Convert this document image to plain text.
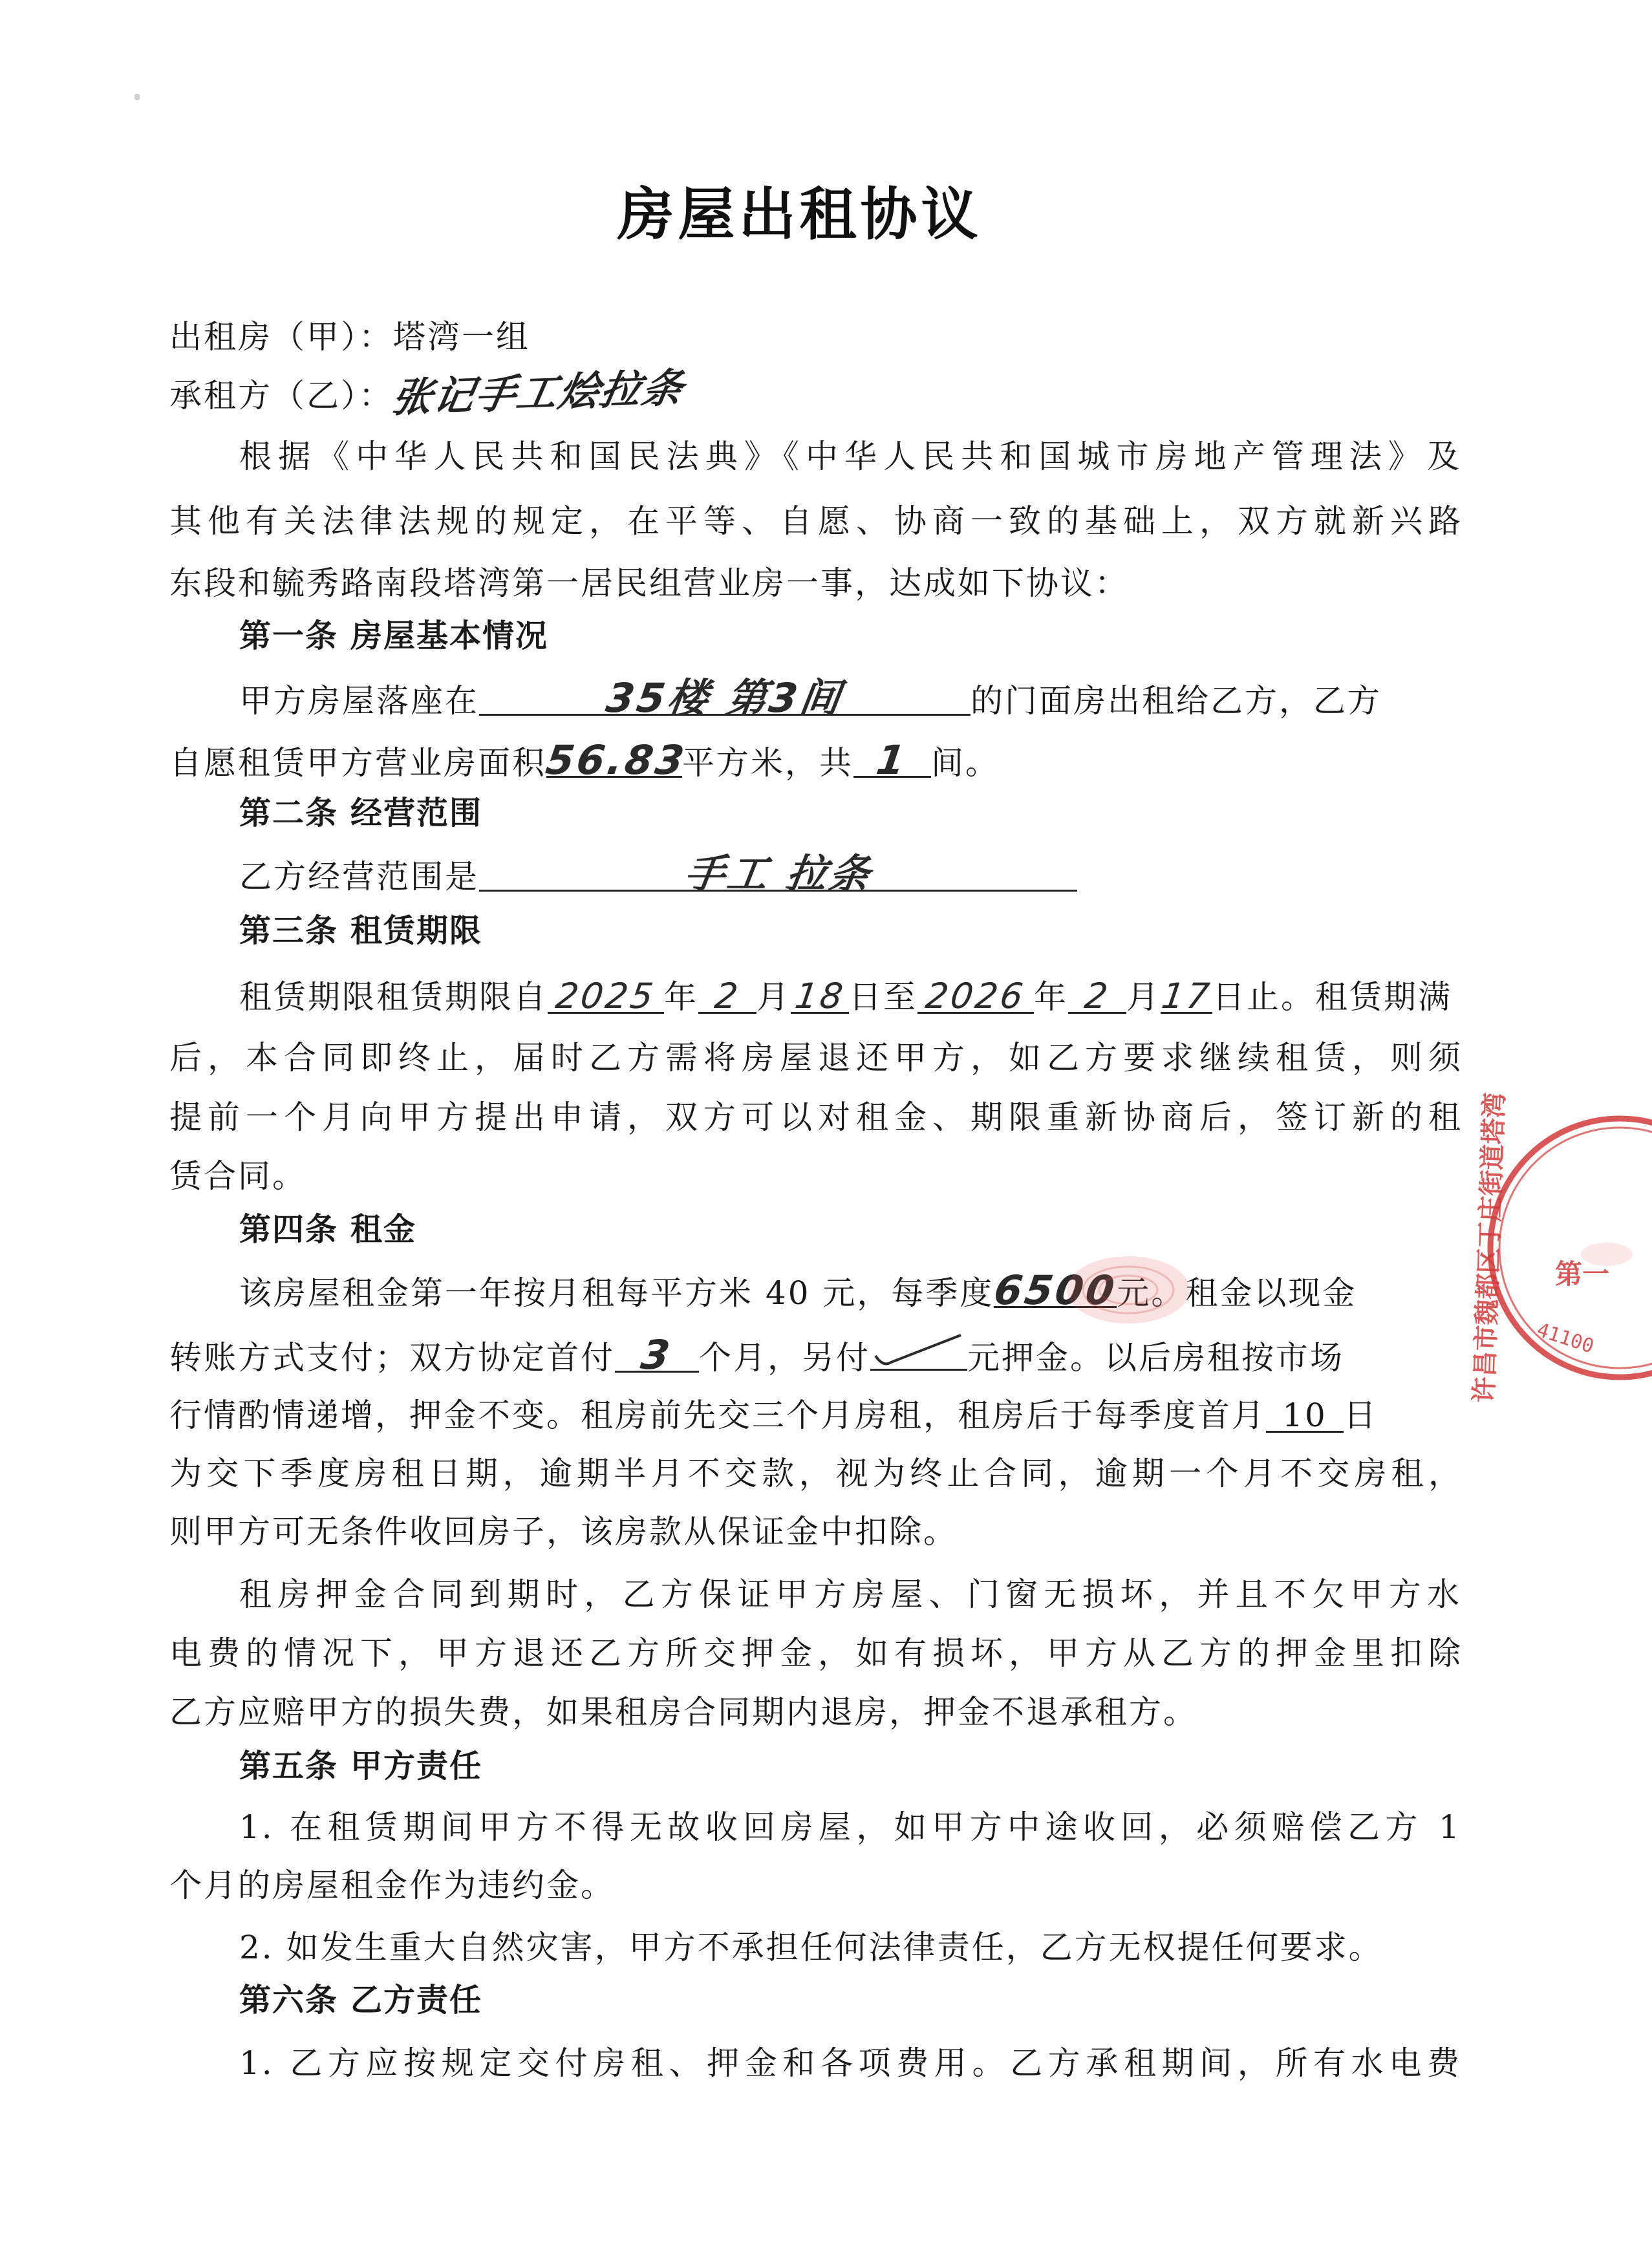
房屋出租协议
出租房（甲）：塔湾一组
承租方（乙）：张记手工烩拉条
根据《中华人民共和国民法典》《中华人民共和国城市房地产管理法》及
其他有关法律法规的规定，在平等、自愿、协商一致的基础上，双方就新兴路
东段和毓秀路南段塔湾第一居民组营业房一事，达成如下协议：
第一条 房屋基本情况
甲方房屋落座在	35楼 第3间	的门面房出租给乙方，乙方
自愿租赁甲方营业房面积56.83平方米，共 1 间。
第二条 经营范围
乙方经营范围是	手工 拉条
第三条 租赁期限
租赁期限租赁期限自 2025 年 2 月18日至 2026 年 2 月17日止。租赁期满
后，本合同即终止，届时乙方需将房屋退还甲方，如乙方要求继续租赁，则须
提前一个月向甲方提出申请，双方可以对租金、期限重新协商后，签订新的租
赁合同。
第四条 租金
该房屋租金第一年按月租每平方米 40 元，每季度6500元。租金以现金
转账方式支付；双方协定首付 3 个月，另付	元押金。以后房租按市场
行情酌情递增，押金不变。租房前先交三个月房租，租房后于每季度首月 10 日
为交下季度房租日期，逾期半月不交款，视为终止合同，逾期一个月不交房租，
则甲方可无条件收回房子，该房款从保证金中扣除。
租房押金合同到期时，乙方保证甲方房屋、门窗无损坏，并且不欠甲方水
电费的情况下，甲方退还乙方所交押金，如有损坏，甲方从乙方的押金里扣除
乙方应赔甲方的损失费，如果租房合同期内退房，押金不退承租方。
第五条 甲方责任
1. 在租赁期间甲方不得无故收回房屋，如甲方中途收回，必须赔偿乙方 1
个月的房屋租金作为违约金。
2. 如发生重大自然灾害，甲方不承担任何法律责任，乙方无权提任何要求。
第六条 乙方责任
1. 乙方应按规定交付房租、押金和各项费用。乙方承租期间，所有水电费
许昌市魏都区丁庄街道塔湾 第一
41100
